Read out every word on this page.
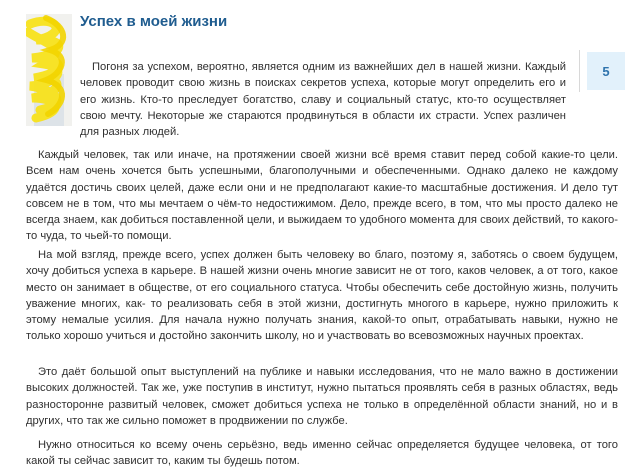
Успех в моей жизни
5

Погоня за успехом, вероятно, является одним из важнейших дел в нашей жизни. Каждый человек проводит свою жизнь в поисках секретов успеха, которые могут определить его и его жизнь. Кто-то преследует богатство, славу и социальный статус, кто-то осуществляет свою мечту. Некоторые же стараются продвинуться в области их страсти. Успех различен для разных людей.

Каждый человек, так или иначе, на протяжении своей жизни всё время ставит перед собой какие-то цели. Всем нам очень хочется быть успешными, благополучными и обеспеченными. Однако далеко не каждому удаётся достичь своих целей, даже если они и не предполагают какие-то масштабные достижения. И дело тут совсем не в том, что мы мечтаем о чём-то недостижимом. Дело, прежде всего, в том, что мы просто далеко не всегда знаем, как добиться поставленной цели, и выжидаем то удобного момента для своих действий, то какого-то чуда, то чьей-то помощи.

На мой взгляд, прежде всего, успех должен быть человеку во благо, поэтому я, заботясь о своем будущем, хочу добиться успеха в карьере. В нашей жизни очень многие зависит не от того, каков человек, а от того, какое место он занимает в обществе, от его социального статуса. Чтобы обеспечить себе достойную жизнь, получить уважение многих, как- то реализовать себя в этой жизни, достигнуть многого в карьере, нужно приложить к этому немалые усилия. Для начала нужно получать знания, какой-то опыт, отрабатывать навыки, нужно не только хорошо учиться и достойно закончить школу, но и участвовать во всевозможных научных проектах.

Это даёт большой опыт выступлений на публике и навыки исследования, что не мало важно в достижении высоких должностей. Так же, уже поступив в институт, нужно пытаться проявлять себя в разных областях, ведь разносторонне развитый человек, сможет добиться успеха не только в определённой области знаний, но и в других, что так же сильно поможет в продвижении по службе.

Нужно относиться ко всему очень серьёзно, ведь именно сейчас определяется будущее человека, от того какой ты сейчас зависит то, каким ты будешь потом.
